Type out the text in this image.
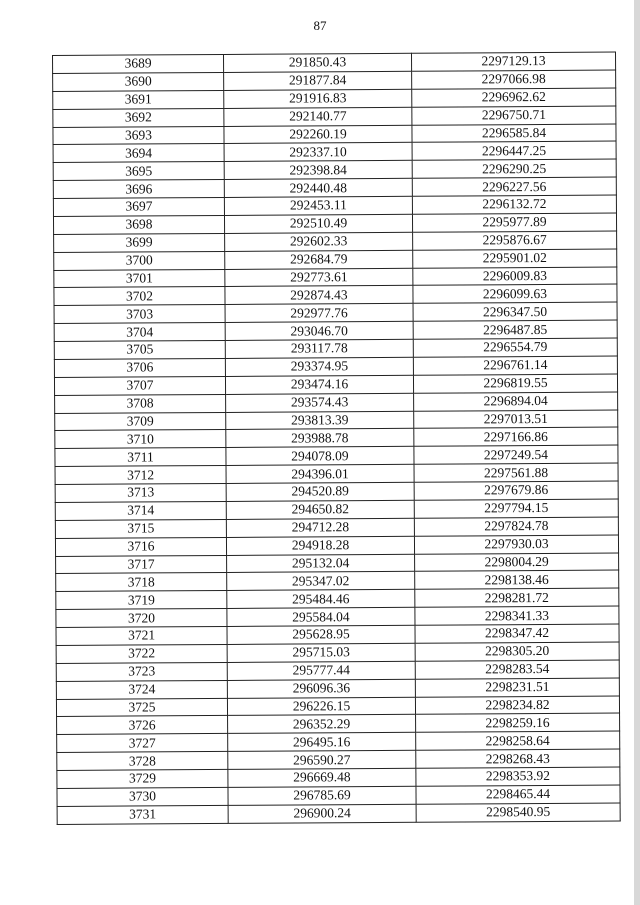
87
3689	291850.43	2297129.13
3690	291877.84	2297066.98
3691	291916.83	2296962.62
3692	292140.77	2296750.71
3693	292260.19	2296585.84
3694	292337.10	2296447.25
3695	292398.84	2296290.25
3696	292440.48	2296227.56
3697	292453.11	2296132.72
3698	292510.49	2295977.89
3699	292602.33	2295876.67
3700	292684.79	2295901.02
3701	292773.61	2296009.83
3702	292874.43	2296099.63
3703	292977.76	2296347.50
3704	293046.70	2296487.85
3705	293117.78	2296554.79
3706	293374.95	2296761.14
3707	293474.16	2296819.55
3708	293574.43	2296894.04
3709	293813.39	2297013.51
3710	293988.78	2297166.86
3711	294078.09	2297249.54
3712	294396.01	2297561.88
3713	294520.89	2297679.86
3714	294650.82	2297794.15
3715	294712.28	2297824.78
3716	294918.28	2297930.03
3717	295132.04	2298004.29
3718	295347.02	2298138.46
3719	295484.46	2298281.72
3720	295584.04	2298341.33
3721	295628.95	2298347.42
3722	295715.03	2298305.20
3723	295777.44	2298283.54
3724	296096.36	2298231.51
3725	296226.15	2298234.82
3726	296352.29	2298259.16
3727	296495.16	2298258.64
3728	296590.27	2298268.43
3729	296669.48	2298353.92
3730	296785.69	2298465.44
3731	296900.24	2298540.95
